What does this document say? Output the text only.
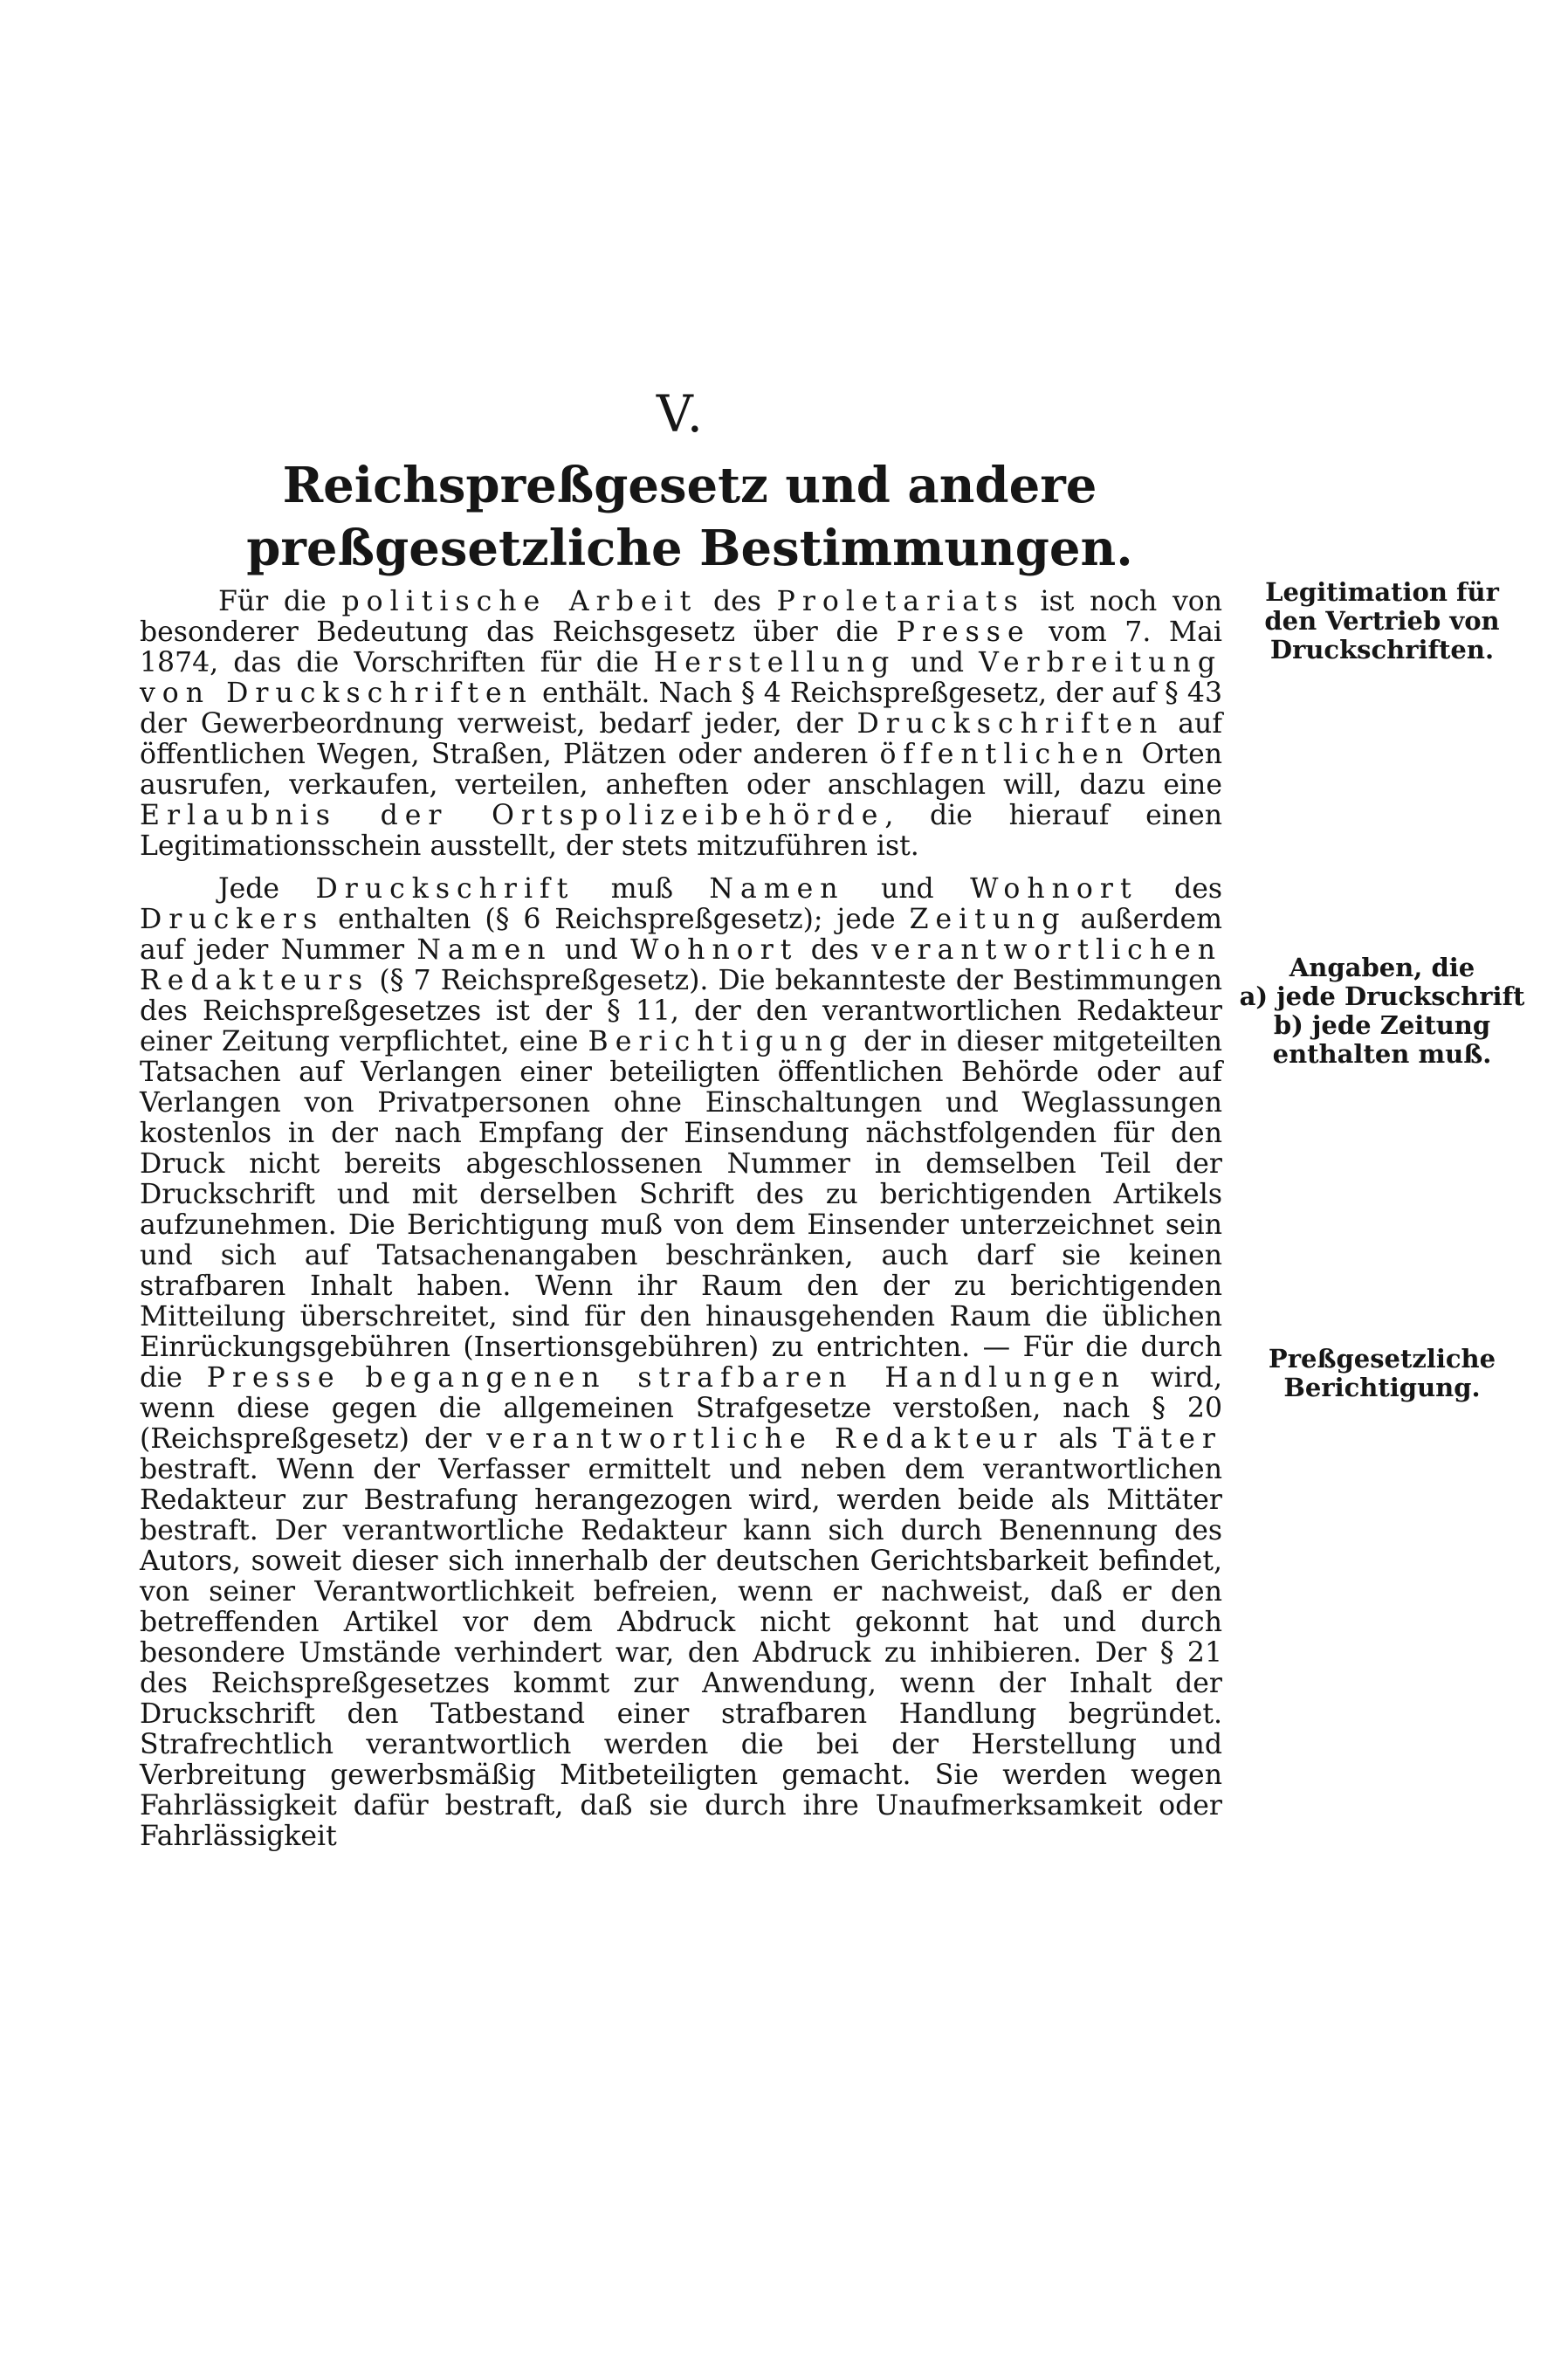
V.
Reichspreßgesetz und andere preßgesetzliche Bestimmungen.

Für die politische Arbeit des Proletariats ist noch von besonderer Bedeutung das Reichsgesetz über die Presse vom 7. Mai 1874, das die Vorschriften für die Herstellung und Verbreitung von Druckschriften enthält. Nach § 4 Reichspreßgesetz, der auf § 43 der Gewerbeordnung verweist, bedarf jeder, der Druckschriften auf öffentlichen Wegen, Straßen, Plätzen oder anderen öffentlichen Orten ausrufen, verkaufen, verteilen, anheften oder anschlagen will, dazu eine Erlaubnis der Ortspolizeibehörde, die hierauf einen Legitimationsschein ausstellt, der stets mitzuführen ist.

Jede Druckschrift muß Namen und Wohnort des Druckers enthalten (§ 6 Reichspreßgesetz); jede Zeitung außerdem auf jeder Nummer Namen und Wohnort des verantwortlichen Redakteurs (§ 7 Reichspreßgesetz). Die bekannteste der Bestimmungen des Reichspreßgesetzes ist der § 11, der den verantwortlichen Redakteur einer Zeitung verpflichtet, eine Berichtigung der in dieser mitgeteilten Tatsachen auf Verlangen einer beteiligten öffentlichen Behörde oder auf Verlangen von Privatpersonen ohne Einschaltungen und Weglassungen kostenlos in der nach Empfang der Einsendung nächstfolgenden für den Druck nicht bereits abgeschlossenen Nummer in demselben Teil der Druckschrift und mit derselben Schrift des zu berichtigenden Artikels aufzunehmen. Die Berichtigung muß von dem Einsender unterzeichnet sein und sich auf Tatsachenangaben beschränken, auch darf sie keinen strafbaren Inhalt haben. Wenn ihr Raum den der zu berichtigenden Mitteilung überschreitet, sind für den hinausgehenden Raum die üblichen Einrückungsgebühren (Insertionsgebühren) zu entrichten. — Für die durch die Presse begangenen strafbaren Handlungen wird, wenn diese gegen die allgemeinen Strafgesetze verstoßen, nach § 20 (Reichspreßgesetz) der verantwortliche Redakteur als Täter bestraft. Wenn der Verfasser ermittelt und neben dem verantwortlichen Redakteur zur Bestrafung herangezogen wird, werden beide als Mittäter bestraft. Der verantwortliche Redakteur kann sich durch Benennung des Autors, soweit dieser sich innerhalb der deutschen Gerichtsbarkeit befindet, von seiner Verantwortlichkeit befreien, wenn er nachweist, daß er den betreffenden Artikel vor dem Abdruck nicht gekonnt hat und durch besondere Umstände verhindert war, den Abdruck zu inhibieren. Der § 21 des Reichspreßgesetzes kommt zur Anwendung, wenn der Inhalt der Druckschrift den Tatbestand einer strafbaren Handlung begründet. Strafrechtlich verantwortlich werden die bei der Herstellung und Verbreitung gewerbsmäßig Mitbeteiligten gemacht. Sie werden wegen Fahrlässigkeit dafür bestraft, daß sie durch ihre Unaufmerksamkeit oder Fahrlässigkeit

Legitimation für
den Vertrieb von
Druckschriften.
Angaben, die
a) jede Druckschrift
b) jede Zeitung
enthalten muß.
Preßgesetzliche
Berichtigung.
